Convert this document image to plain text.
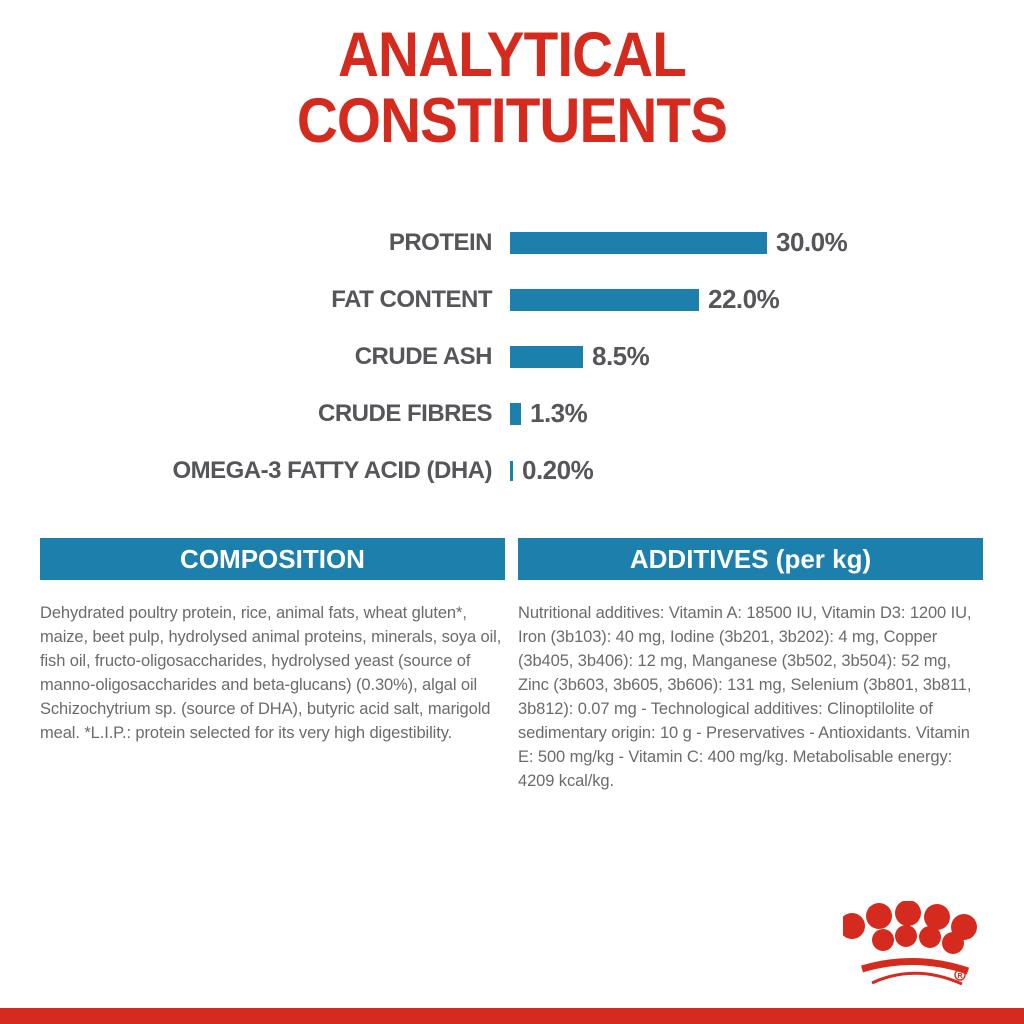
ANALYTICAL
CONSTITUENTS
PROTEIN	30.0%
FAT CONTENT	22.0%
CRUDE ASH	8.5%
CRUDE FIBRES 1.3%
OMEGA-3 FATTY ACID (DHA) 0.20%
COMPOSITION
Dehydrated poultry protein, rice, animal fats, wheat gluten*, maize, beet pulp, hydrolysed animal proteins, minerals, soya oil, fish oil, fructo-oligosaccharides, hydrolysed yeast (source of manno-oligosaccharides and beta-glucans) (0.30%), algal oil Schizochytrium sp. (source of DHA), butyric acid salt, marigold meal. *L.I.P.: protein selected for its very high digestibility.
ADDITIVES (per kg)
Nutritional additives: Vitamin A: 18500 IU, Vitamin D3: 1200 IU, Iron (3b103): 40 mg, Iodine (3b201, 3b202): 4 mg, Copper (3b405, 3b406): 12 mg, Manganese (3b502, 3b504): 52 mg, Zinc (3b603, 3b605, 3b606): 131 mg, Selenium (3b801, 3b811, 3b812): 0.07 mg - Technological additives: Clinoptilolite of sedimentary origin: 10 g - Preservatives - Antioxidants. Vitamin E: 500 mg/kg - Vitamin C: 400 mg/kg. Metabolisable energy: 4209 kcal/kg.
R
